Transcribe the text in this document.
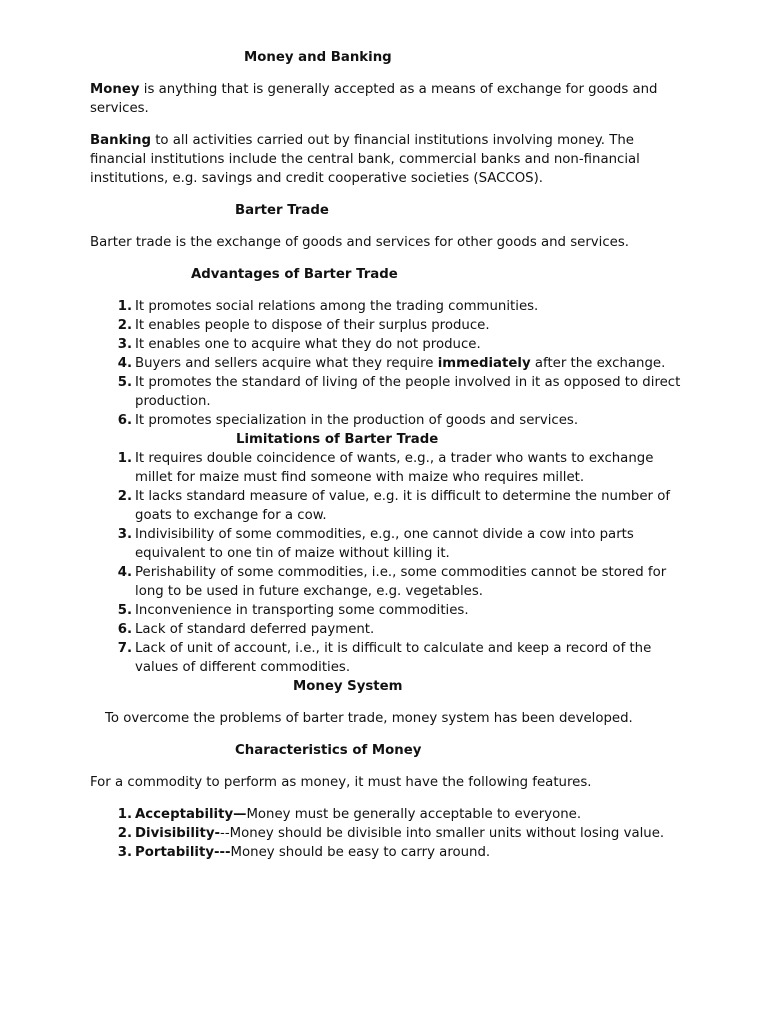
Money and Banking

Money is anything that is generally accepted as a means of exchange for goods and services.

Banking to all activities carried out by financial institutions involving money. The financial institutions include the central bank, commercial banks and non-financial institutions, e.g. savings and credit cooperative societies (SACCOS).

Barter Trade

Barter trade is the exchange of goods and services for other goods and services.

Advantages of Barter Trade

1. It promotes social relations among the trading communities.
2. It enables people to dispose of their surplus produce.
3. It enables one to acquire what they do not produce.
4. Buyers and sellers acquire what they require immediately after the exchange.
5. It promotes the standard of living of the people involved in it as opposed to direct production.
6. It promotes specialization in the production of goods and services.

Limitations of Barter Trade

1. It requires double coincidence of wants, e.g., a trader who wants to exchange millet for maize must find someone with maize who requires millet.
2. It lacks standard measure of value, e.g. it is difficult to determine the number of goats to exchange for a cow.
3. Indivisibility of some commodities, e.g., one cannot divide a cow into parts equivalent to one tin of maize without killing it.
4. Perishability of some commodities, i.e., some commodities cannot be stored for long to be used in future exchange, e.g. vegetables.
5. Inconvenience in transporting some commodities.
6. Lack of standard deferred payment.
7. Lack of unit of account, i.e., it is difficult to calculate and keep a record of the values of different commodities.

Money System

To overcome the problems of barter trade, money system has been developed.

Characteristics of Money

For a commodity to perform as money, it must have the following features.

1. Acceptability—Money must be generally acceptable to everyone.
2. Divisibility---Money should be divisible into smaller units without losing value.
3. Portability---Money should be easy to carry around.
